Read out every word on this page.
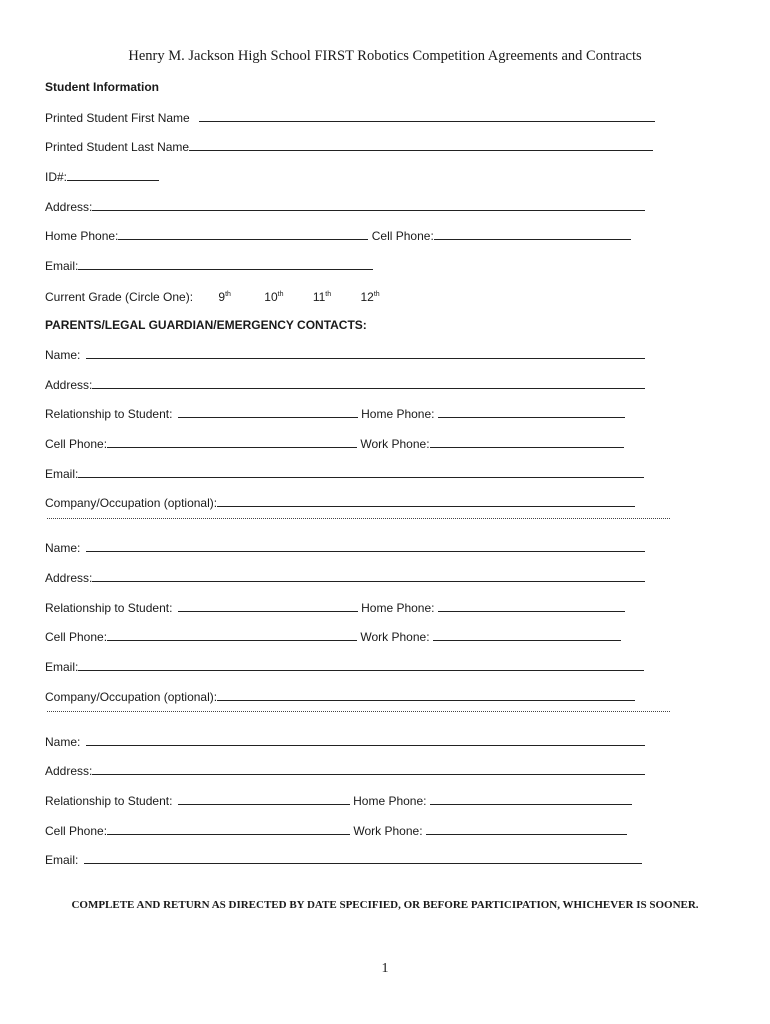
Henry M. Jackson High School FIRST Robotics Competition Agreements and Contracts
Student Information
Printed Student First Name
Printed Student Last Name
ID#:
Address:
Home Phone:	Cell Phone:
Email:
Current Grade (Circle One): 9th	10th 11th 12th
PARENTS/LEGAL GUARDIAN/EMERGENCY CONTACTS:
Name:
Address:
Relationship to Student:	Home Phone:
Cell Phone:	Work Phone:
Email:
Company/Occupation (optional):
Name:
Address:
Relationship to Student:	Home Phone:
Cell Phone:	Work Phone:
Email:
Company/Occupation (optional):
Name:
Address:
Relationship to Student:	Home Phone:
Cell Phone:	Work Phone:
Email:
COMPLETE AND RETURN AS DIRECTED BY DATE SPECIFIED, OR BEFORE PARTICIPATION, WHICHEVER IS SOONER.
1
